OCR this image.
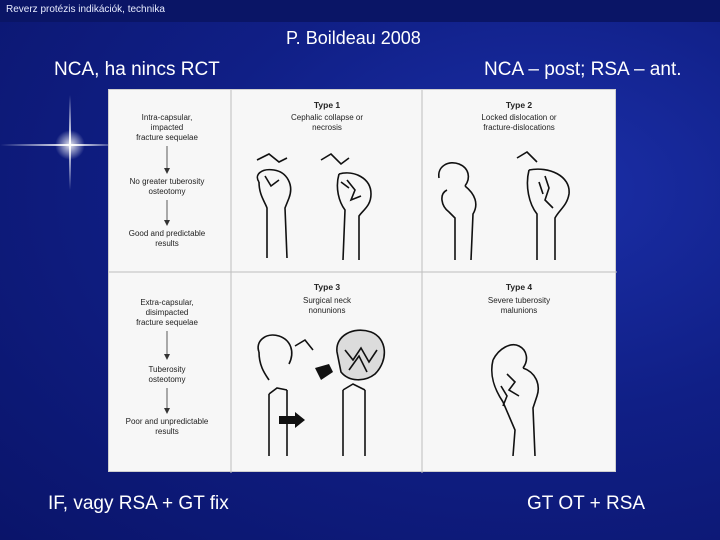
Reverz protézis indikációk, technika
P. Boildeau 2008
NCA, ha nincs RCT	NCA – post; RSA – ant.
IF, vagy RSA + GT fix	GT OT + RSA
Intra-capsular,
impacted
fracture sequelae
No greater tuberosity
osteotomy
Good and predictable
results
Extra-capsular,
disimpacted
fracture sequelae
Tuberosity
osteotomy
Poor and unpredictable
results
Type 1
Cephalic collapse or
necrosis
Type 2
Locked dislocation or
fracture-dislocations
Type 3
Surgical neck
nonunions
Type 4
Severe tuberosity
malunions
